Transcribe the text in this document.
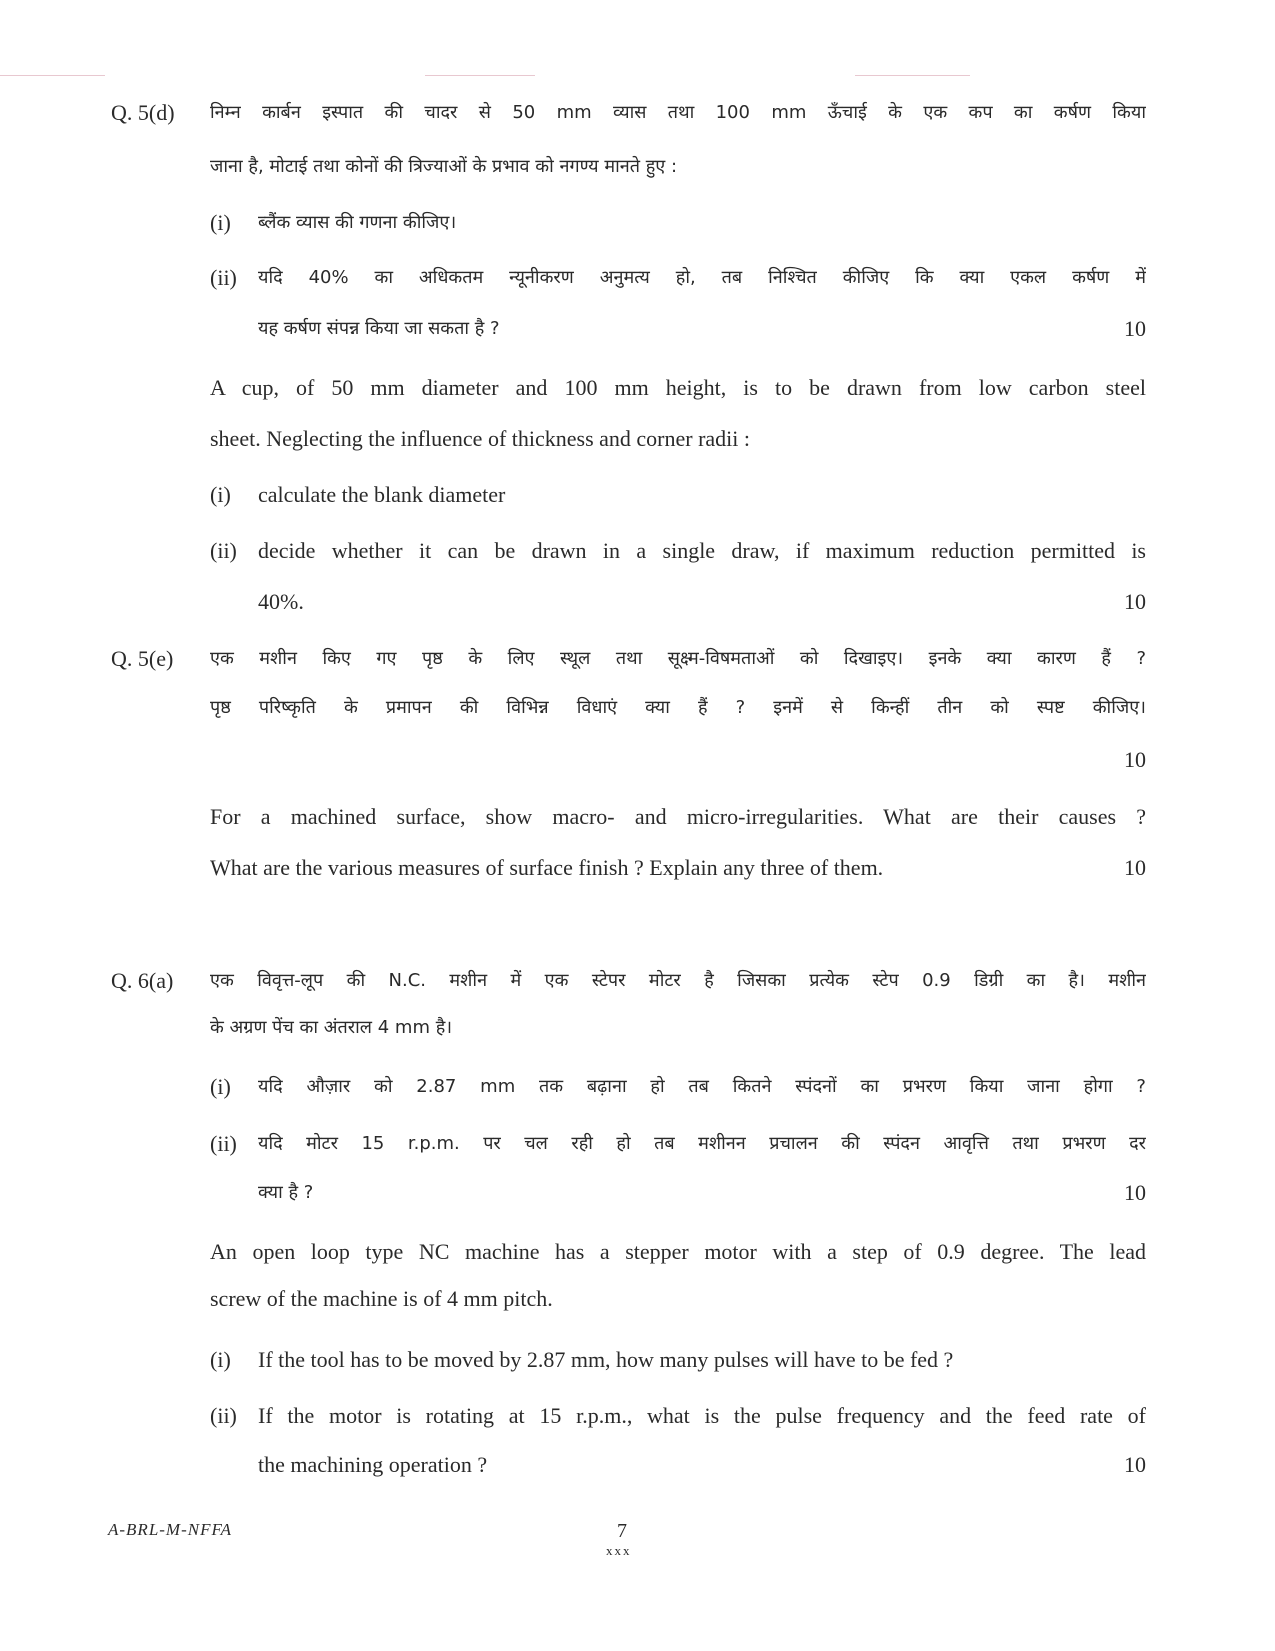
Q. 5(d) निम्न कार्बन इस्पात की चादर से 50 mm व्यास तथा 100 mm ऊँचाई के एक कप का कर्षण किया
जाना है, मोटाई तथा कोनों की त्रिज्याओं के प्रभाव को नगण्य मानते हुए :
(i) ब्लैंक व्यास की गणना कीजिए।
(ii) यदि 40% का अधिकतम न्यूनीकरण अनुमत्य हो, तब निश्चित कीजिए कि क्या एकल कर्षण में
यह कर्षण संपन्न किया जा सकता है ?	10
A cup, of 50 mm diameter and 100 mm height, is to be drawn from low carbon steel
sheet. Neglecting the influence of thickness and corner radii :
(i) calculate the blank diameter
(ii) decide whether it can be drawn in a single draw, if maximum reduction permitted is
40%.	10
Q. 5(e) एक मशीन किए गए पृष्ठ के लिए स्थूल तथा सूक्ष्म-विषमताओं को दिखाइए। इनके क्या कारण हैं ?
पृष्ठ परिष्कृति के प्रमापन की विभिन्न विधाएं क्या हैं ? इनमें से किन्हीं तीन को स्पष्ट कीजिए।
10
For a machined surface, show macro- and micro-irregularities. What are their causes ?
What are the various measures of surface finish ? Explain any three of them.	10
Q. 6(a) एक विवृत्त-लूप की N.C. मशीन में एक स्टेपर मोटर है जिसका प्रत्येक स्टेप 0.9 डिग्री का है। मशीन
के अग्रण पेंच का अंतराल 4 mm है।
(i) यदि औज़ार को 2.87 mm तक बढ़ाना हो तब कितने स्पंदनों का प्रभरण किया जाना होगा ?
(ii) यदि मोटर 15 r.p.m. पर चल रही हो तब मशीनन प्रचालन की स्पंदन आवृत्ति तथा प्रभरण दर
क्या है ?	10
An open loop type NC machine has a stepper motor with a step of 0.9 degree. The lead
screw of the machine is of 4 mm pitch.
(i) If the tool has to be moved by 2.87 mm, how many pulses will have to be fed ?
(ii) If the motor is rotating at 15 r.p.m., what is the pulse frequency and the feed rate of
the machining operation ?	10
A-BRL-M-NFFA	7
xxx
